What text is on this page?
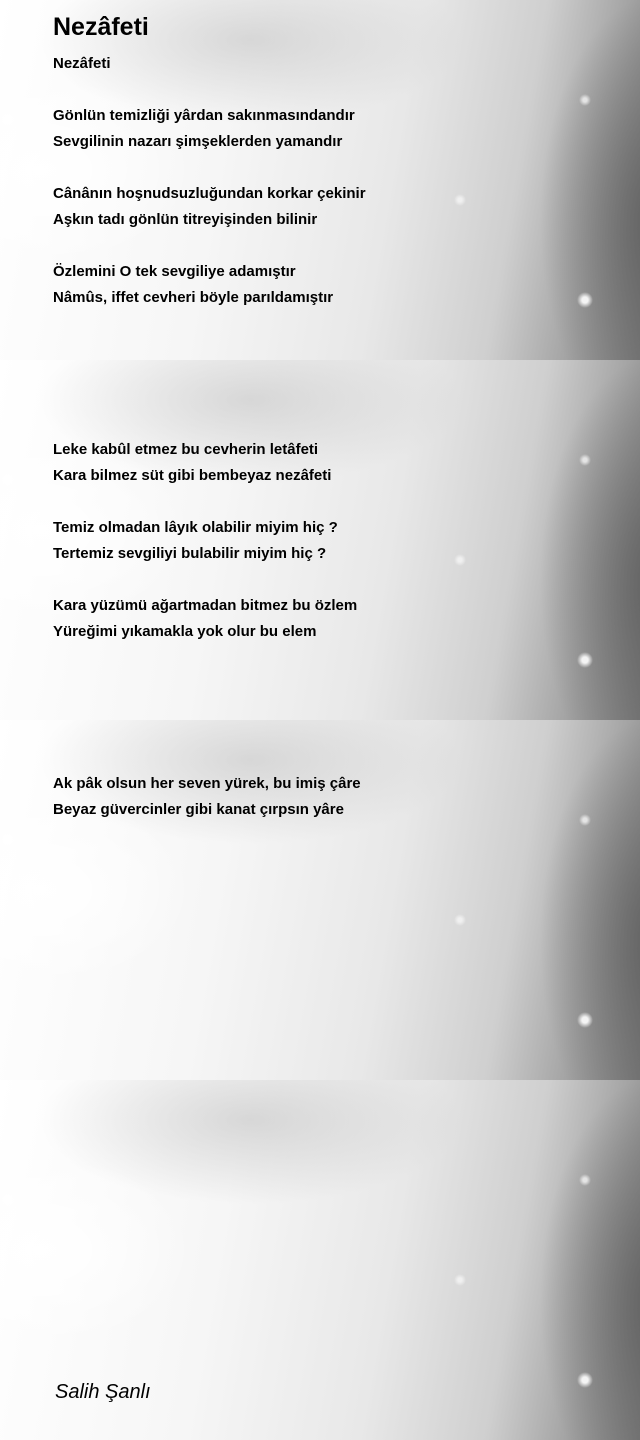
Nezâfeti
Nezâfeti
Gönlün temizliği yârdan sakınmasındandır
Sevgilinin nazarı şimşeklerden yamandır
Cânânın hoşnudsuzluğundan korkar çekinir
Aşkın tadı gönlün titreyişinden bilinir
Özlemini O tek sevgiliye adamıştır
Nâmûs, iffet cevheri böyle parıldamıştır
Leke kabûl etmez bu cevherin letâfeti
Kara bilmez süt gibi bembeyaz nezâfeti
Temiz olmadan lâyık olabilir miyim hiç ?
Tertemiz sevgiliyi bulabilir miyim hiç ?
Kara yüzümü ağartmadan bitmez bu özlem
Yüreğimi yıkamakla yok olur bu elem
Ak pâk olsun her seven yürek, bu imiş çâre
Beyaz güvercinler gibi kanat çırpsın yâre
Salih Şanlı
